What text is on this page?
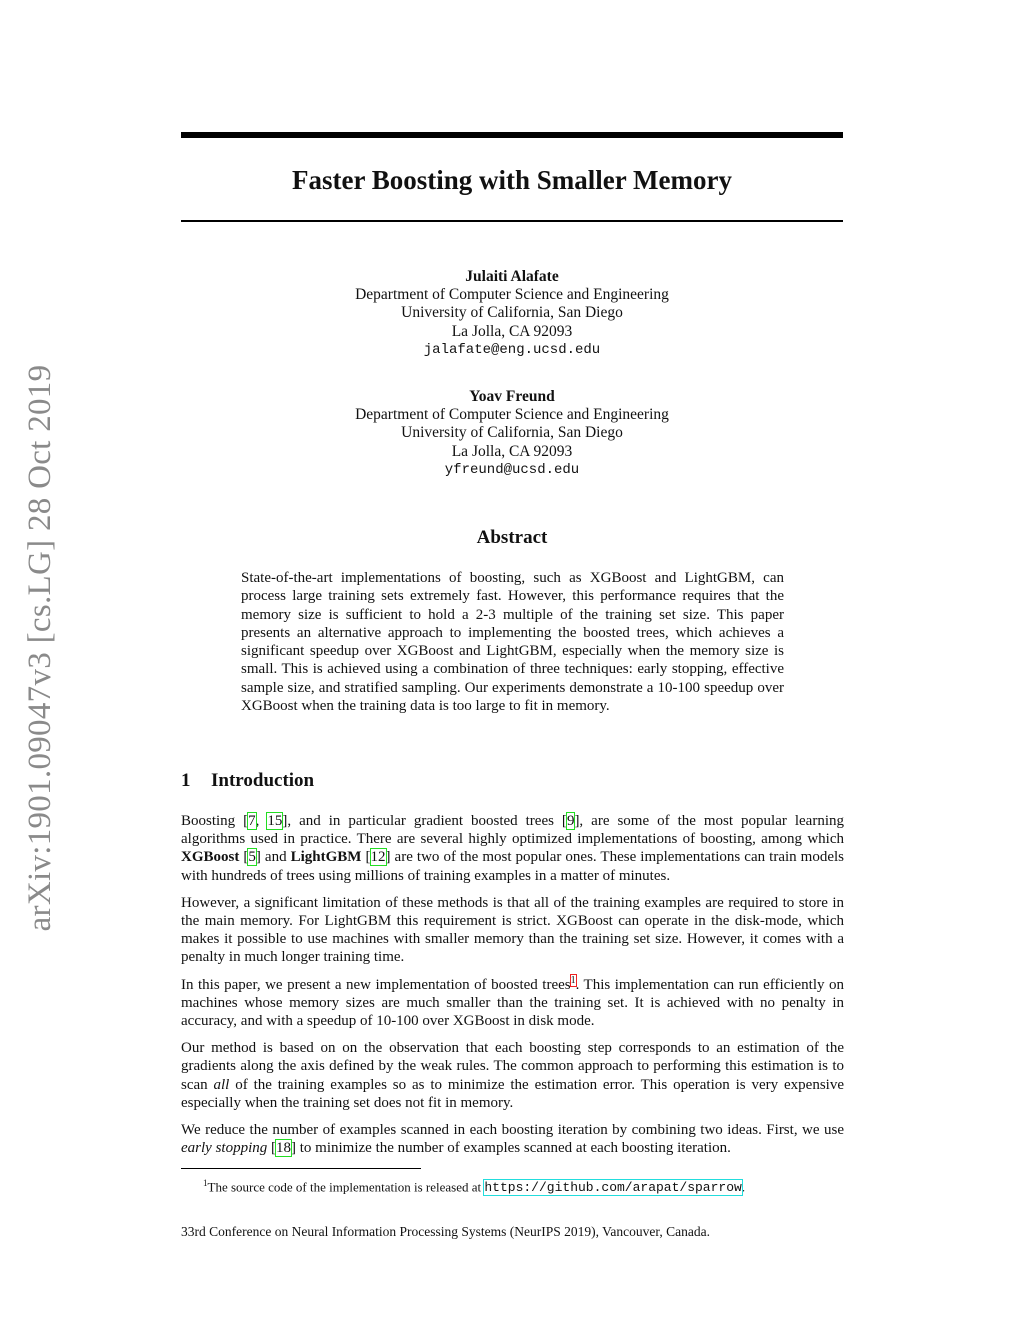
arXiv:1901.09047v3 [cs.LG] 28 Oct 2019
Faster Boosting with Smaller Memory
Julaiti Alafate
Department of Computer Science and Engineering
University of California, San Diego
La Jolla, CA 92093
jalafate@eng.ucsd.edu
Yoav Freund
Department of Computer Science and Engineering
University of California, San Diego
La Jolla, CA 92093
yfreund@ucsd.edu
Abstract
State-of-the-art implementations of boosting, such as XGBoost and LightGBM, can process large training sets extremely fast. However, this performance requires that the memory size is sufficient to hold a 2-3 multiple of the training set size. This paper presents an alternative approach to implementing the boosted trees, which achieves a significant speedup over XGBoost and LightGBM, especially when the memory size is small. This is achieved using a combination of three techniques: early stopping, effective sample size, and stratified sampling. Our experiments demonstrate a 10-100 speedup over XGBoost when the training data is too large to fit in memory.
1 Introduction

Boosting [7, 15], and in particular gradient boosted trees [9], are some of the most popular learning algorithms used in practice. There are several highly optimized implementations of boosting, among which XGBoost [5] and LightGBM [12] are two of the most popular ones. These implementations can train models with hundreds of trees using millions of training examples in a matter of minutes.

However, a significant limitation of these methods is that all of the training examples are required to store in the main memory. For LightGBM this requirement is strict. XGBoost can operate in the disk-mode, which makes it possible to use machines with smaller memory than the training set size. However, it comes with a penalty in much longer training time.

In this paper, we present a new implementation of boosted trees$^1$. This implementation can run efficiently on machines whose memory sizes are much smaller than the training set. It is achieved with no penalty in accuracy, and with a speedup of 10-100 over XGBoost in disk mode.

Our method is based on on the observation that each boosting step corresponds to an estimation of the gradients along the axis defined by the weak rules. The common approach to performing this estimation is to scan all of the training examples so as to minimize the estimation error. This operation is very expensive especially when the training set does not fit in memory.

We reduce the number of examples scanned in each boosting iteration by combining two ideas. First, we use early stopping [18] to minimize the number of examples scanned at each boosting iteration.

$^1$The source code of the implementation is released at https://github.com/arapat/sparrow.
33rd Conference on Neural Information Processing Systems (NeurIPS 2019), Vancouver, Canada.
